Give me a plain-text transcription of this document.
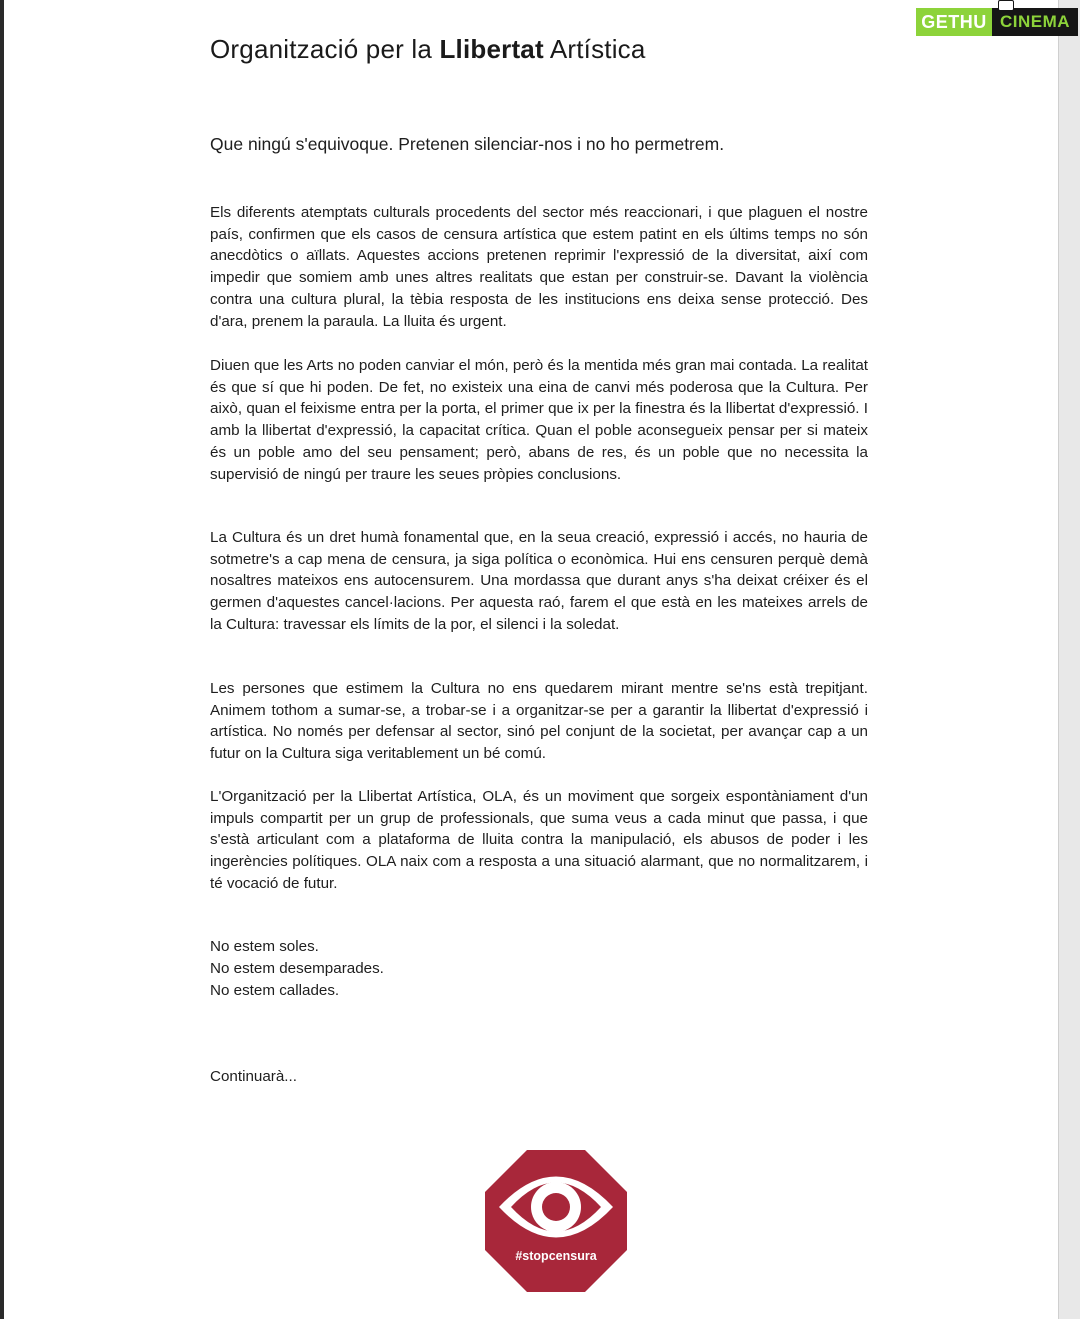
GETHU CINEMA
Organització per la Llibertat Artística
Que ningú s'equivoque. Pretenen silenciar-nos i no ho permetrem.
Els diferents atemptats culturals procedents del sector més reaccionari, i que plaguen el nostre país, confirmen que els casos de censura artística que estem patint en els últims temps no són anecdòtics o aïllats. Aquestes accions pretenen reprimir l'expressió de la diversitat, així com impedir que somiem amb unes altres realitats que estan per construir-se. Davant la violència contra una cultura plural, la tèbia resposta de les institucions ens deixa sense protecció. Des d'ara, prenem la paraula. La lluita és urgent.
Diuen que les Arts no poden canviar el món, però és la mentida més gran mai contada. La realitat és que sí que hi poden. De fet, no existeix una eina de canvi més poderosa que la Cultura. Per això, quan el feixisme entra per la porta, el primer que ix per la finestra és la llibertat d'expressió. I amb la llibertat d'expressió, la capacitat crítica. Quan el poble aconsegueix pensar per si mateix és un poble amo del seu pensament; però, abans de res, és un poble que no necessita la supervisió de ningú per traure les seues pròpies conclusions.
La Cultura és un dret humà fonamental que, en la seua creació, expressió i accés, no hauria de sotmetre's a cap mena de censura, ja siga política o econòmica. Hui ens censuren perquè demà nosaltres mateixos ens autocensurem. Una mordassa que durant anys s'ha deixat créixer és el germen d'aquestes cancel·lacions. Per aquesta raó, farem el que està en les mateixes arrels de la Cultura: travessar els límits de la por, el silenci i la soledat.
Les persones que estimem la Cultura no ens quedarem mirant mentre se'ns està trepitjant. Animem tothom a sumar-se, a trobar-se i a organitzar-se per a garantir la llibertat d'expressió i artística. No només per defensar al sector, sinó pel conjunt de la societat, per avançar cap a un futur on la Cultura siga veritablement un bé comú.
L'Organització per la Llibertat Artística, OLA, és un moviment que sorgeix espontàniament d'un impuls compartit per un grup de professionals, que suma veus a cada minut que passa, i que s'està articulant com a plataforma de lluita contra la manipulació, els abusos de poder i les ingerències polítiques. OLA naix com a resposta a una situació alarmant, que no normalitzarem, i té vocació de futur.
No estem soles.
No estem desemparades.
No estem callades.
Continuarà...
#stopcensura
